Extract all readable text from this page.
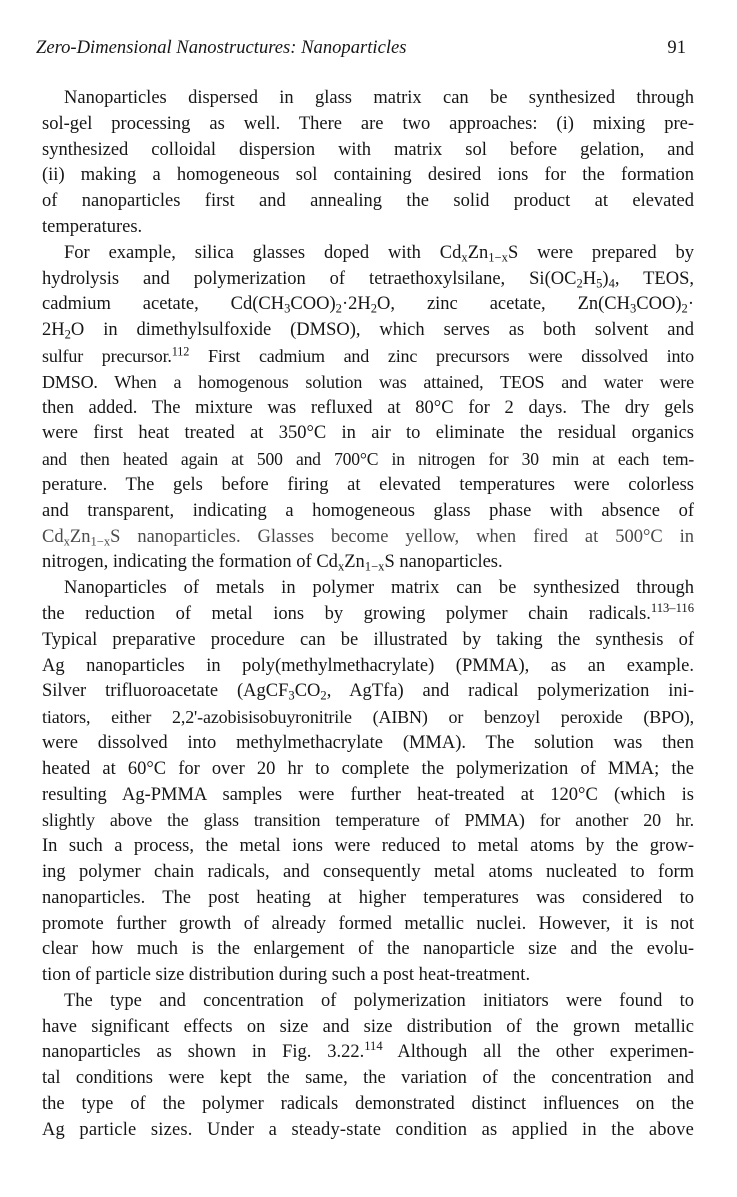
Zero-Dimensional Nanostructures: Nanoparticles	91
Nanoparticles dispersed in glass matrix can be synthesized through
sol-gel processing as well. There are two approaches: (i) mixing pre-
synthesized colloidal dispersion with matrix sol before gelation, and
(ii) making a homogeneous sol containing desired ions for the formation
of nanoparticles first and annealing the solid product at elevated
temperatures.
For example, silica glasses doped with $Cd_xZn_{1-x}S$ were prepared by
hydrolysis and polymerization of tetraethoxylsilane, $Si(OC_2H_5)_4$, TEOS,
cadmium acetate, $Cd(CH_3COO)_2\cdot 2H_2O$, zinc acetate, $Zn(CH_3COO)_2\cdot$
$2H_2O$ in dimethylsulfoxide (DMSO), which serves as both solvent and
sulfur precursor.$^{112}$ First cadmium and zinc precursors were dissolved into
DMSO. When a homogenous solution was attained, TEOS and water were
then added. The mixture was refluxed at 80°C for 2 days. The dry gels
were first heat treated at 350°C in air to eliminate the residual organics
and then heated again at 500 and 700°C in nitrogen for 30 min at each tem-
perature. The gels before firing at elevated temperatures were colorless
and transparent, indicating a homogeneous glass phase with absence of
$Cd_xZn_{1-x}S$ nanoparticles. Glasses become yellow, when fired at 500°C in
nitrogen, indicating the formation of $Cd_xZn_{1-x}S$ nanoparticles.
Nanoparticles of metals in polymer matrix can be synthesized through
the reduction of metal ions by growing polymer chain radicals.$^{113-116}$
Typical preparative procedure can be illustrated by taking the synthesis of
Ag nanoparticles in poly(methylmethacrylate) (PMMA), as an example.
Silver trifluoroacetate ($AgCF_3CO_2$, AgTfa) and radical polymerization ini-
tiators, either 2,2'-azobisisobuyronitrile (AIBN) or benzoyl peroxide (BPO),
were dissolved into methylmethacrylate (MMA). The solution was then
heated at 60°C for over 20 hr to complete the polymerization of MMA; the
resulting Ag-PMMA samples were further heat-treated at 120°C (which is
slightly above the glass transition temperature of PMMA) for another 20 hr.
In such a process, the metal ions were reduced to metal atoms by the grow-
ing polymer chain radicals, and consequently metal atoms nucleated to form
nanoparticles. The post heating at higher temperatures was considered to
promote further growth of already formed metallic nuclei. However, it is not
clear how much is the enlargement of the nanoparticle size and the evolu-
tion of particle size distribution during such a post heat-treatment.
The type and concentration of polymerization initiators were found to
have significant effects on size and size distribution of the grown metallic
nanoparticles as shown in Fig. 3.22.$^{114}$ Although all the other experimen-
tal conditions were kept the same, the variation of the concentration and
the type of the polymer radicals demonstrated distinct influences on the
Ag particle sizes. Under a steady-state condition as applied in the above
